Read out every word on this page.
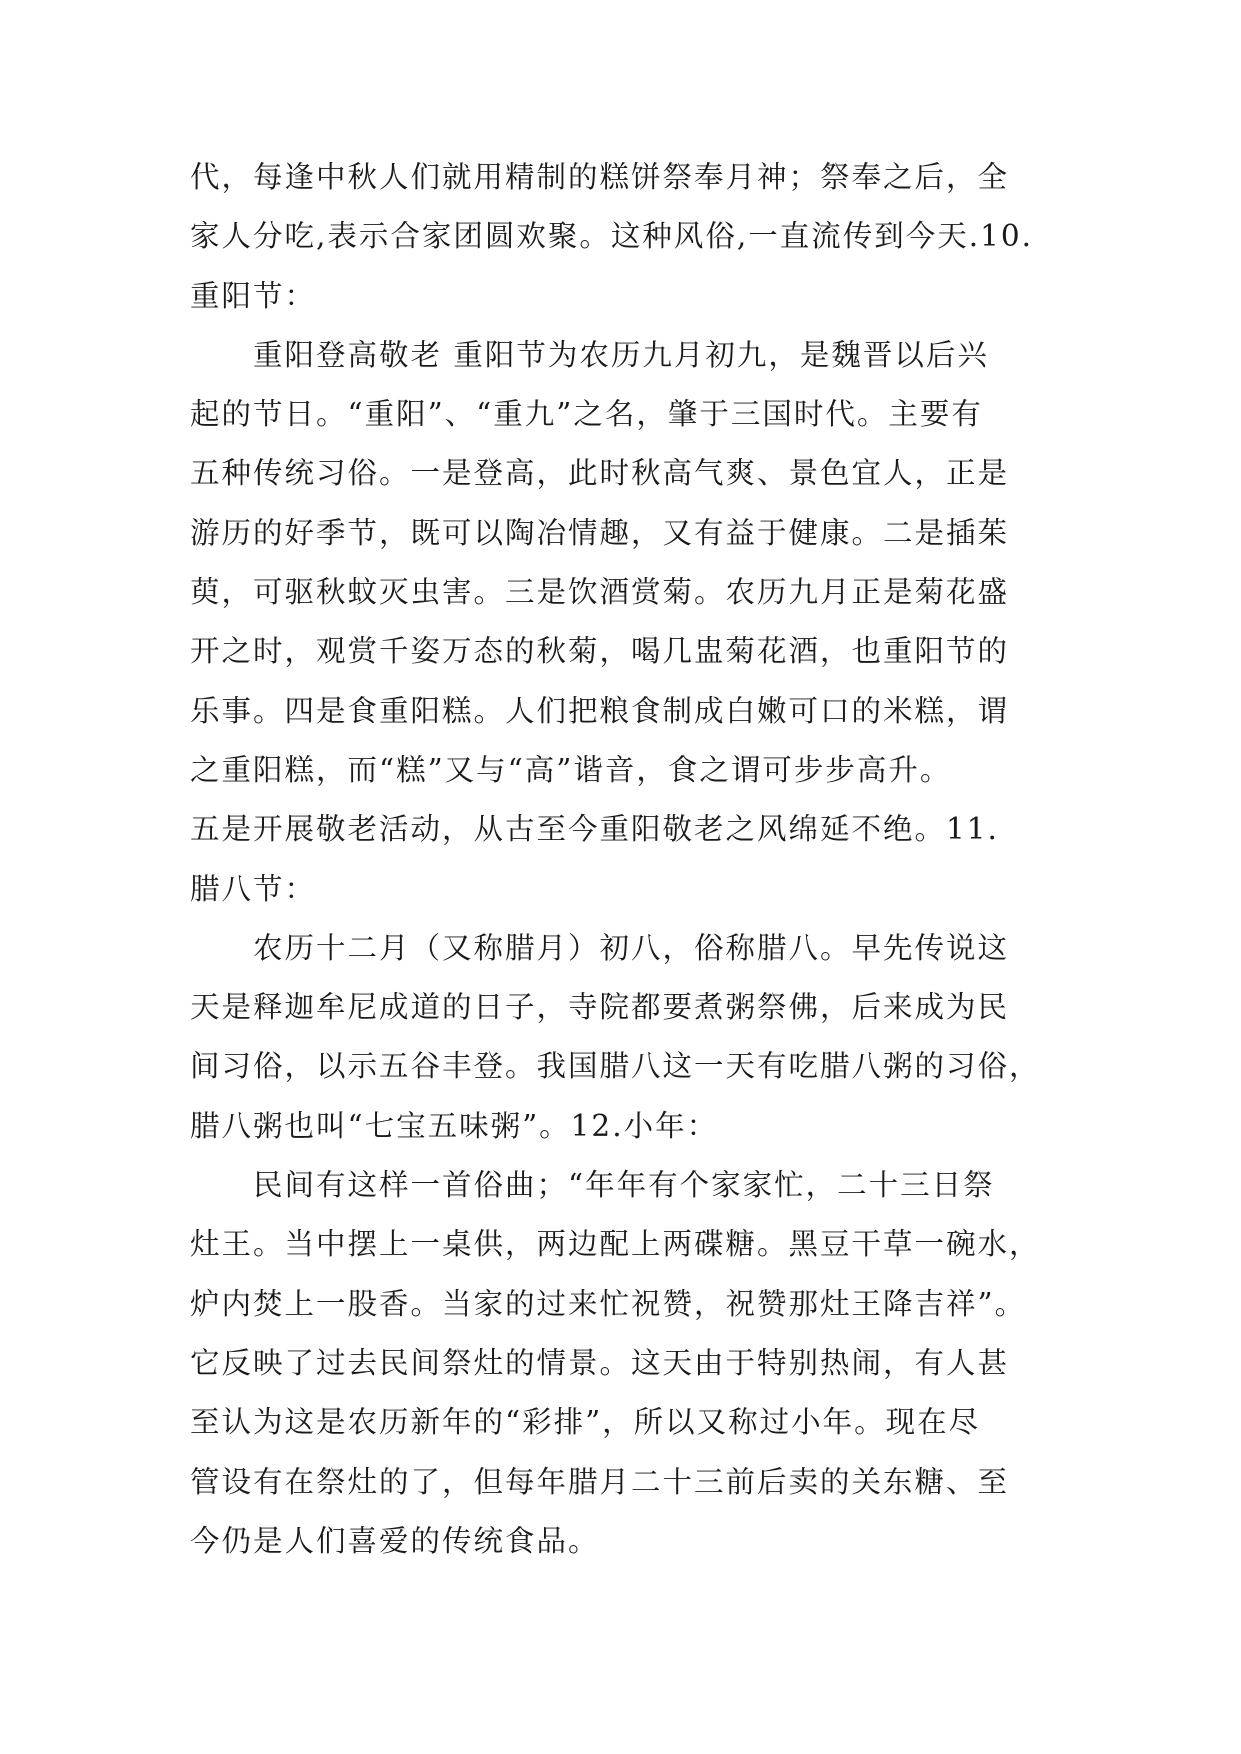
代，每逢中秋人们就用精制的糕饼祭奉月神；祭奉之后，全
家人分吃,表示合家团圆欢聚。这种风俗,一直流传到今天.10.
重阳节：
　　重阳登高敬老 重阳节为农历九月初九，是魏晋以后兴
起的节日。“重阳”、“重九”之名，肇于三国时代。主要有
五种传统习俗。一是登高，此时秋高气爽、景色宜人，正是
游历的好季节，既可以陶冶情趣，又有益于健康。二是插茱
萸，可驱秋蚊灭虫害。三是饮酒赏菊。农历九月正是菊花盛
开之时，观赏千姿万态的秋菊，喝几盅菊花酒，也重阳节的
乐事。四是食重阳糕。人们把粮食制成白嫩可口的米糕，谓
之重阳糕，而“糕”又与“高”谐音，食之谓可步步高升。
五是开展敬老活动，从古至今重阳敬老之风绵延不绝。11.
腊八节：
　　农历十二月（又称腊月）初八，俗称腊八。早先传说这
天是释迦牟尼成道的日子，寺院都要煮粥祭佛，后来成为民
间习俗，以示五谷丰登。我国腊八这一天有吃腊八粥的习俗，
腊八粥也叫“七宝五味粥”。12.小年：
　　民间有这样一首俗曲；“年年有个家家忙，二十三日祭
灶王。当中摆上一桌供，两边配上两碟糖。黑豆干草一碗水，
炉内焚上一股香。当家的过来忙祝赞，祝赞那灶王降吉祥”。
它反映了过去民间祭灶的情景。这天由于特别热闹，有人甚
至认为这是农历新年的“彩排”，所以又称过小年。现在尽
管设有在祭灶的了，但每年腊月二十三前后卖的关东糖、至
今仍是人们喜爱的传统食品。
